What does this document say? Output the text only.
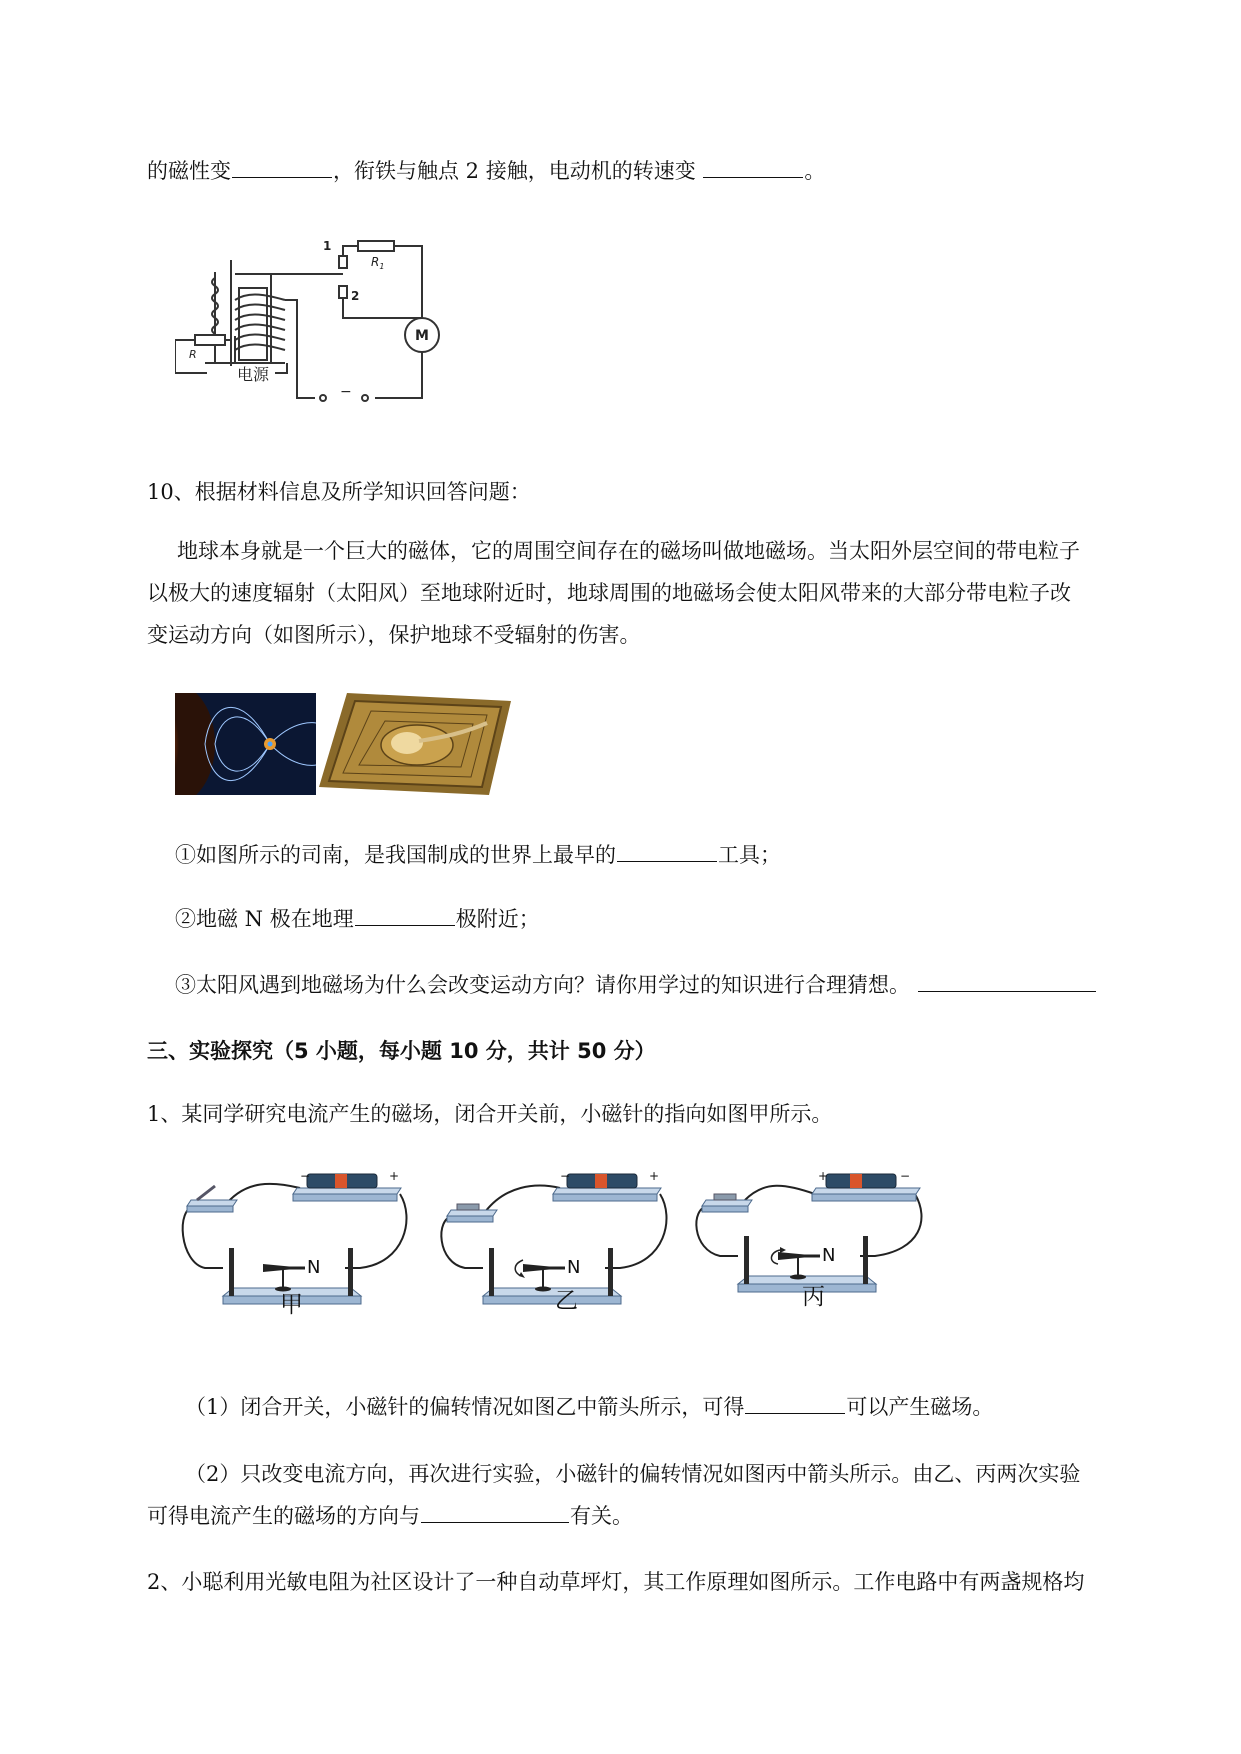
的磁性变	，衔铁与触点 2 接触，电动机的转速变	。
1
2
$R_1$
R
M
电源
−
10、根据材料信息及所学知识回答问题：
地球本身就是一个巨大的磁体，它的周围空间存在的磁场叫做地磁场。当太阳外层空间的带电粒子
以极大的速度辐射（太阳风）至地球附近时，地球周围的地磁场会使太阳风带来的大部分带电粒子改
变运动方向（如图所示），保护地球不受辐射的伤害。
①如图所示的司南，是我国制成的世界上最早的	工具；
②地磁 N 极在地理	极附近；
③太阳风遇到地磁场为什么会改变运动方向？请你用学过的知识进行合理猜想。
三、实验探究（5 小题，每小题 10 分，共计 50 分）
1、某同学研究电流产生的磁场，闭合开关前，小磁针的指向如图甲所示。
−	+
N
甲
−	+
N
乙
+	−
N
丙
（1）闭合开关，小磁针的偏转情况如图乙中箭头所示，可得	可以产生磁场。
（2）只改变电流方向，再次进行实验，小磁针的偏转情况如图丙中箭头所示。由乙、丙两次实验
可得电流产生的磁场的方向与	有关。
2、小聪利用光敏电阻为社区设计了一种自动草坪灯，其工作原理如图所示。工作电路中有两盏规格均
